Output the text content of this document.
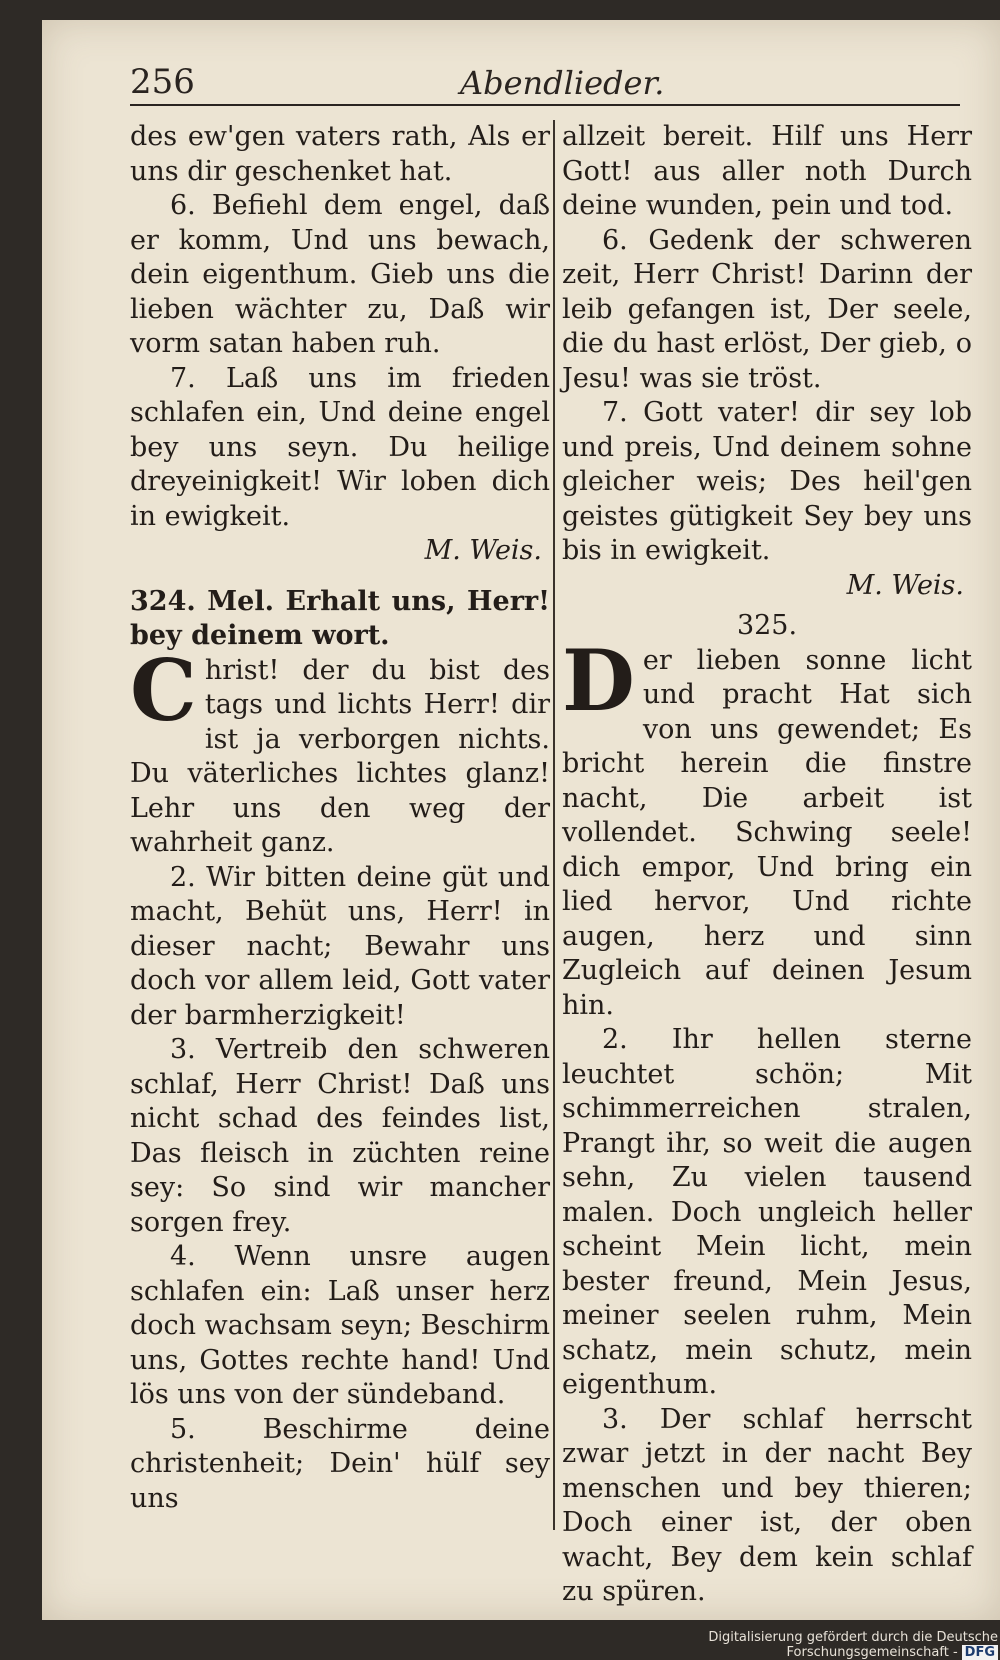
256	Abendlieder.

des ew'gen vaters rath, Als er uns dir geschenket hat.

6. Befiehl dem engel, daß er komm, Und uns bewach, dein eigenthum. Gieb uns die lieben wächter zu, Daß wir vorm satan haben ruh.

7. Laß uns im frieden schlafen ein, Und deine engel bey uns seyn. Du heilige dreyeinigkeit! Wir loben dich in ewigkeit.

M. Weis.

324. Mel. Erhalt uns, Herr! bey deinem wort.

C hrist! der du bist des tags und lichts Herr! dir ist ja verborgen nichts. Du väterliches lichtes glanz! Lehr uns den weg der wahrheit ganz.

2. Wir bitten deine güt und macht, Behüt uns, Herr! in dieser nacht; Bewahr uns doch vor allem leid, Gott vater der barmherzigkeit!

3. Vertreib den schweren schlaf, Herr Christ! Daß uns nicht schad des feindes list, Das fleisch in züchten reine sey: So sind wir mancher sorgen frey.

4. Wenn unsre augen schlafen ein: Laß unser herz doch wachsam seyn; Beschirm uns, Gottes rechte hand! Und lös uns von der sündeband.

5. Beschirme deine christenheit; Dein' hülf sey uns

allzeit bereit. Hilf uns Herr Gott! aus aller noth Durch deine wunden, pein und tod.

6. Gedenk der schweren zeit, Herr Christ! Darinn der leib gefangen ist, Der seele, die du hast erlöst, Der gieb, o Jesu! was sie tröst.

7. Gott vater! dir sey lob und preis, Und deinem sohne gleicher weis; Des heil'gen geistes gütigkeit Sey bey uns bis in ewigkeit.

M. Weis.

325.

D er lieben sonne licht und pracht Hat sich von uns gewendet; Es bricht herein die finstre nacht, Die arbeit ist vollendet. Schwing seele! dich empor, Und bring ein lied hervor, Und richte augen, herz und sinn Zugleich auf deinen Jesum hin.

2. Ihr hellen sterne leuchtet schön; Mit schimmerreichen stralen, Prangt ihr, so weit die augen sehn, Zu vielen tausend malen. Doch ungleich heller scheint Mein licht, mein bester freund, Mein Jesus, meiner seelen ruhm, Mein schatz, mein schutz, mein eigenthum.

3. Der schlaf herrscht zwar jetzt in der nacht Bey menschen und bey thieren; Doch einer ist, der oben wacht, Bey dem kein schlaf zu spüren.

Digitalisierung gefördert durch die Deutsche Forschungsgemeinschaft - DFG
